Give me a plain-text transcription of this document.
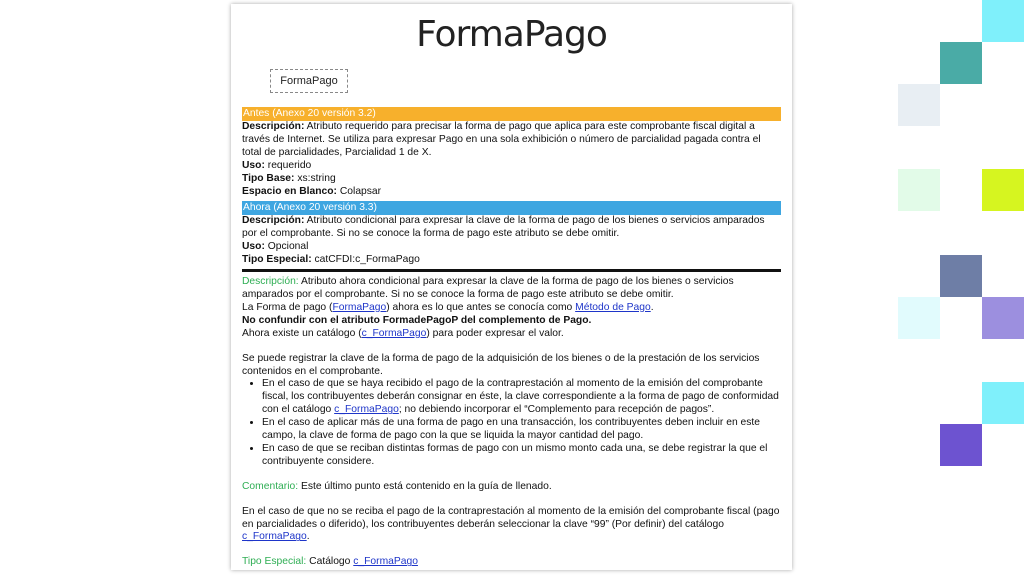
FormaPago
FormaPago
Antes (Anexo 20 versión 3.2)

Descripción: Atributo requerido para precisar la forma de pago que aplica para este comprobante fiscal digital a través de Internet. Se utiliza para expresar Pago en una sola exhibición o número de parcialidad pagada contra el total de parcialidades, Parcialidad 1 de X.

Uso: requerido

Tipo Base: xs:string

Espacio en Blanco: Colapsar

Ahora (Anexo 20 versión 3.3)

Descripción: Atributo condicional para expresar la clave de la forma de pago de los bienes o servicios amparados por el comprobante. Si no se conoce la forma de pago este atributo se debe omitir.

Uso: Opcional

Tipo Especial: catCFDI:c_FormaPago

Descripción: Atributo ahora condicional para expresar la clave de la forma de pago de los bienes o servicios amparados por el comprobante. Si no se conoce la forma de pago este atributo se debe omitir.

La Forma de pago (FormaPago) ahora es lo que antes se conocía como Método de Pago.

No confundir con el atributo FormadePagoP del complemento de Pago.

Ahora existe un catálogo (c_FormaPago) para poder expresar el valor.

Se puede registrar la clave de la forma de pago de la adquisición de los bienes o de la prestación de los servicios contenidos en el comprobante.

• En el caso de que se haya recibido el pago de la contraprestación al momento de la emisión del comprobante fiscal, los contribuyentes deberán consignar en éste, la clave correspondiente a la forma de pago de conformidad con el catálogo c_FormaPago; no debiendo incorporar el “Complemento para recepción de pagos”.
• En el caso de aplicar más de una forma de pago en una transacción, los contribuyentes deben incluir en este campo, la clave de forma de pago con la que se liquida la mayor cantidad del pago.
• En caso de que se reciban distintas formas de pago con un mismo monto cada una, se debe registrar la que el contribuyente considere.

Comentario: Este último punto está contenido en la guía de llenado.

En el caso de que no se reciba el pago de la contraprestación al momento de la emisión del comprobante fiscal (pago en parcialidades o diferido), los contribuyentes deberán seleccionar la clave “99” (Por definir) del catálogo c_FormaPago.

Tipo Especial: Catálogo c_FormaPago
